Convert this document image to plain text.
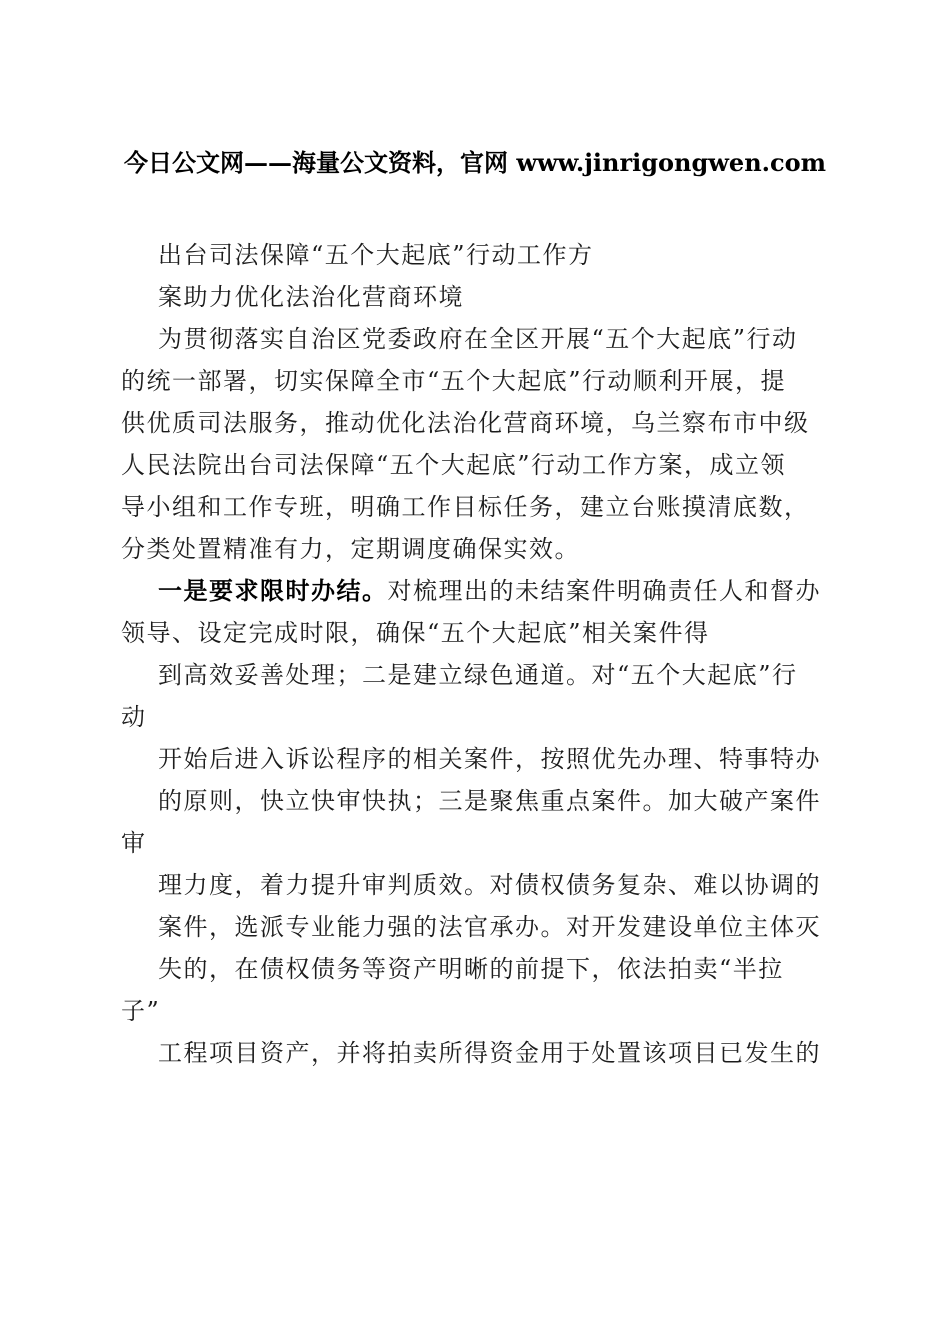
今日公文网——海量公文资料，官网 www.jinrigongwen.com
出台司法保障“五个大起底”行动工作方
案助力优化法治化营商环境
为贯彻落实自治区党委政府在全区开展“五个大起底”行动
的统一部署，切实保障全市“五个大起底”行动顺利开展，提
供优质司法服务，推动优化法治化营商环境，乌兰察布市中级
人民法院出台司法保障“五个大起底”行动工作方案，成立领
导小组和工作专班，明确工作目标任务，建立台账摸清底数，
分类处置精准有力，定期调度确保实效。
一是要求限时办结。对梳理出的未结案件明确责任人和督办
领导、设定完成时限，确保“五个大起底”相关案件得
到高效妥善处理；二是建立绿色通道。对“五个大起底”行
动
开始后进入诉讼程序的相关案件，按照优先办理、特事特办
的原则，快立快审快执；三是聚焦重点案件。加大破产案件
审
理力度，着力提升审判质效。对债权债务复杂、难以协调的
案件，选派专业能力强的法官承办。对开发建设单位主体灭
失的，在债权债务等资产明晰的前提下，依法拍卖“半拉
子”
工程项目资产，并将拍卖所得资金用于处置该项目已发生的
